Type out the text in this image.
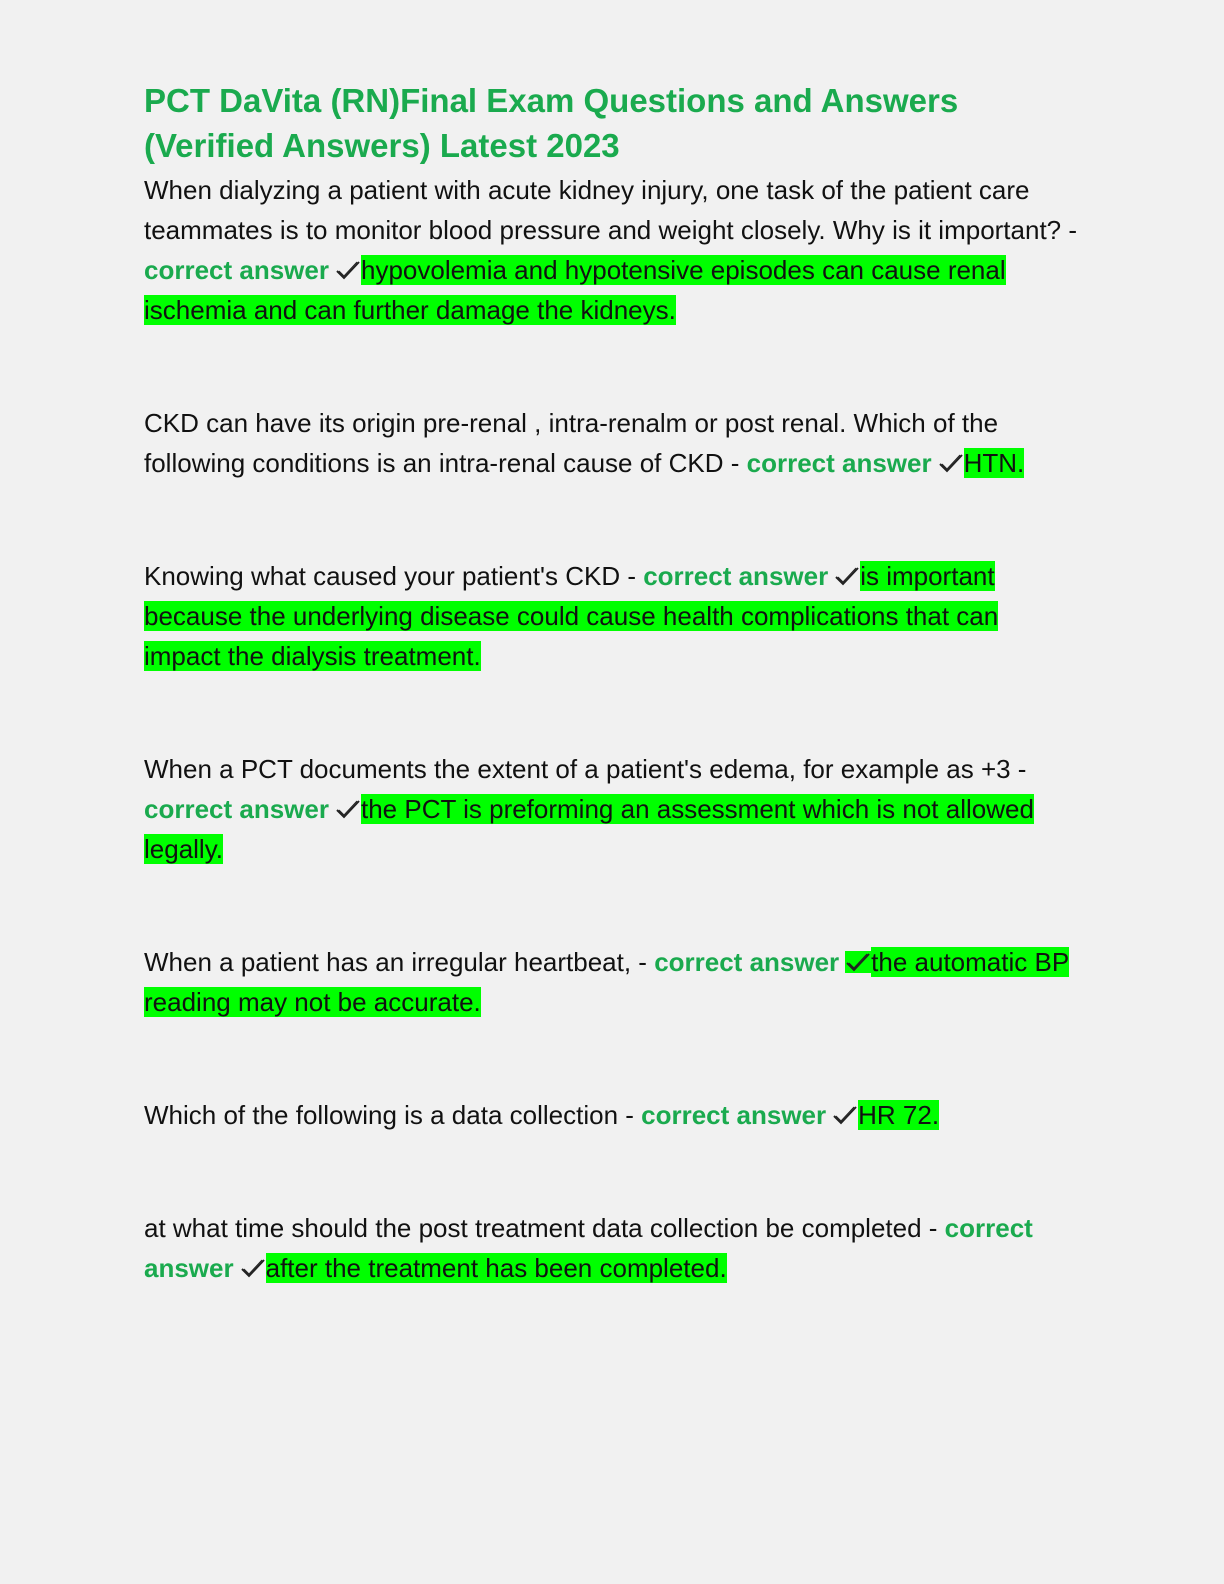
PCT DaVita (RN)Final Exam Questions and Answers (Verified Answers) Latest 2023

When dialyzing a patient with acute kidney injury, one task of the patient care teammates is to monitor blood pressure and weight closely. Why is it important? - correct answer hypovolemia and hypotensive episodes can cause renal ischemia and can further damage the kidneys.

CKD can have its origin pre-renal , intra-renalm or post renal. Which of the following conditions is an intra-renal cause of CKD - correct answer HTN.

Knowing what caused your patient's CKD - correct answer is important because the underlying disease could cause health complications that can impact the dialysis treatment.

When a PCT documents the extent of a patient's edema, for example as +3 - correct answer the PCT is preforming an assessment which is not allowed legally.

When a patient has an irregular heartbeat, - correct answer the automatic BP reading may not be accurate.

Which of the following is a data collection - correct answer HR 72.

at what time should the post treatment data collection be completed - correct answer after the treatment has been completed.
